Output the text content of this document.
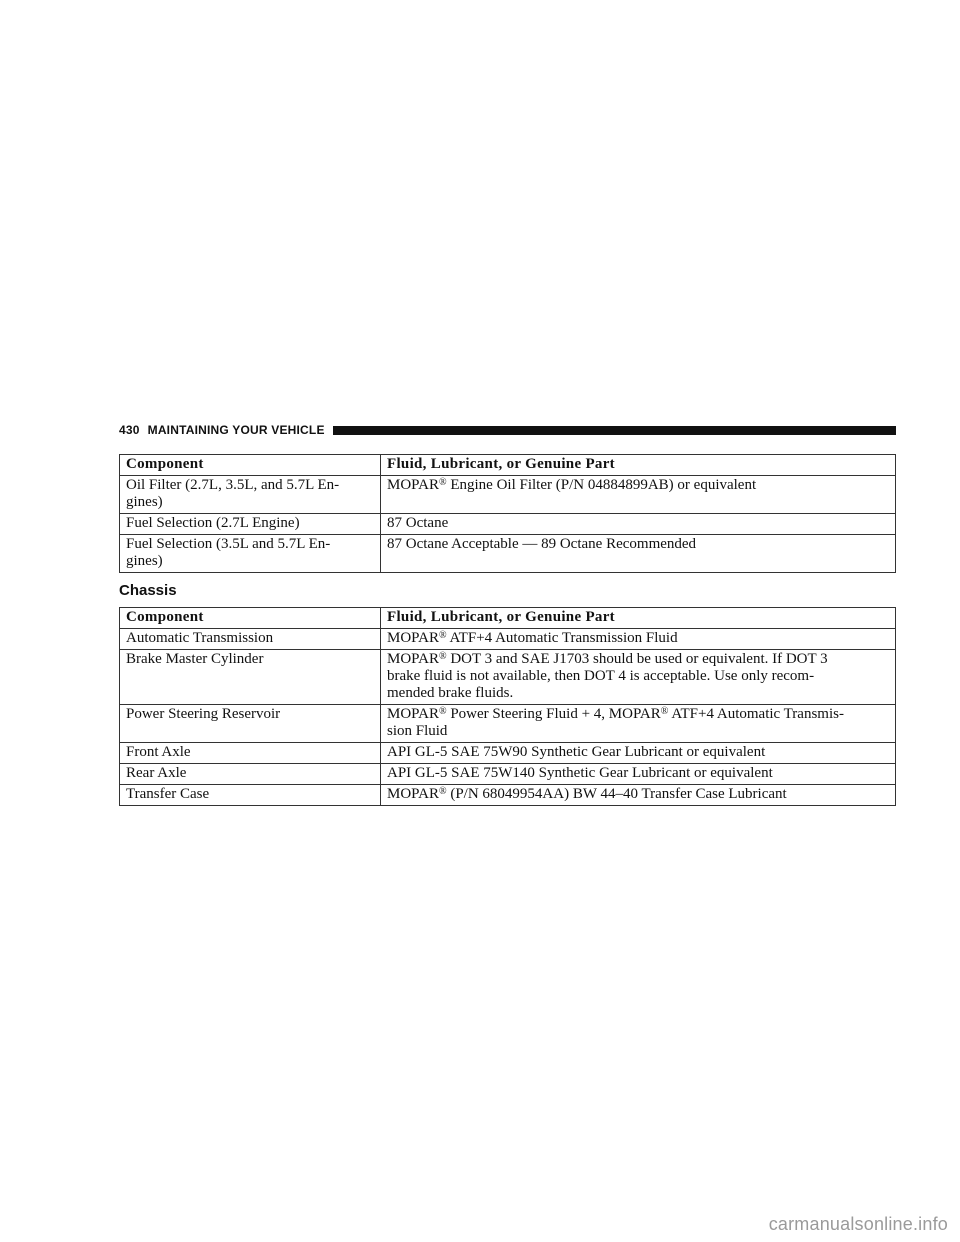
430 MAINTAINING YOUR VEHICLE
Component	Fluid, Lubricant, or Genuine Part
Oil Filter (2.7L, 3.5L, and 5.7L En-
gines)	MOPAR® Engine Oil Filter (P/N 04884899AB) or equivalent
Fuel Selection (2.7L Engine)	87 Octane
Fuel Selection (3.5L and 5.7L En-
gines)	87 Octane Acceptable — 89 Octane Recommended
Chassis
Component	Fluid, Lubricant, or Genuine Part
Automatic Transmission	MOPAR® ATF+4 Automatic Transmission Fluid
Brake Master Cylinder	MOPAR® DOT 3 and SAE J1703 should be used or equivalent. If DOT 3
brake fluid is not available, then DOT 4 is acceptable. Use only recom-
mended brake fluids.
Power Steering Reservoir	MOPAR® Power Steering Fluid + 4, MOPAR® ATF+4 Automatic Transmis-
sion Fluid
Front Axle	API GL-5 SAE 75W90 Synthetic Gear Lubricant or equivalent
Rear Axle	API GL-5 SAE 75W140 Synthetic Gear Lubricant or equivalent
Transfer Case	MOPAR® (P/N 68049954AA) BW 44–40 Transfer Case Lubricant
carmanualsonline.info
